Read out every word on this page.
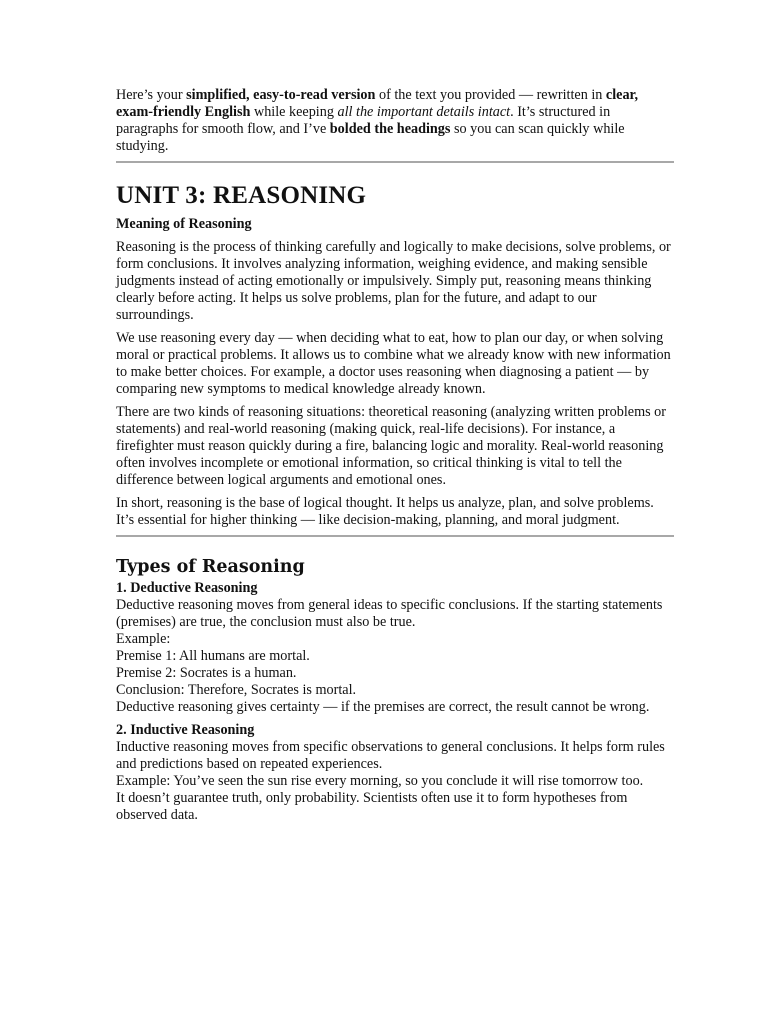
Here’s your simplified, easy-to-read version of the text you provided — rewritten in clear, exam-friendly English while keeping all the important details intact. It’s structured in paragraphs for smooth flow, and I’ve bolded the headings so you can scan quickly while studying.

UNIT 3: REASONING
Meaning of Reasoning

Reasoning is the process of thinking carefully and logically to make decisions, solve problems, or form conclusions. It involves analyzing information, weighing evidence, and making sensible judgments instead of acting emotionally or impulsively. Simply put, reasoning means thinking clearly before acting. It helps us solve problems, plan for the future, and adapt to our surroundings.

We use reasoning every day — when deciding what to eat, how to plan our day, or when solving moral or practical problems. It allows us to combine what we already know with new information to make better choices. For example, a doctor uses reasoning when diagnosing a patient — by comparing new symptoms to medical knowledge already known.

There are two kinds of reasoning situations: theoretical reasoning (analyzing written problems or statements) and real-world reasoning (making quick, real-life decisions). For instance, a firefighter must reason quickly during a fire, balancing logic and morality. Real-world reasoning often involves incomplete or emotional information, so critical thinking is vital to tell the difference between logical arguments and emotional ones.

In short, reasoning is the base of logical thought. It helps us analyze, plan, and solve problems. It’s essential for higher thinking — like decision-making, planning, and moral judgment.

Types of Reasoning
1. Deductive Reasoning
Deductive reasoning moves from general ideas to specific conclusions. If the starting statements (premises) are true, the conclusion must also be true.
Example:
Premise 1: All humans are mortal.
Premise 2: Socrates is a human.
Conclusion: Therefore, Socrates is mortal.
Deductive reasoning gives certainty — if the premises are correct, the result cannot be wrong.
2. Inductive Reasoning
Inductive reasoning moves from specific observations to general conclusions. It helps form rules and predictions based on repeated experiences.
Example: You’ve seen the sun rise every morning, so you conclude it will rise tomorrow too.
It doesn’t guarantee truth, only probability. Scientists often use it to form hypotheses from observed data.
